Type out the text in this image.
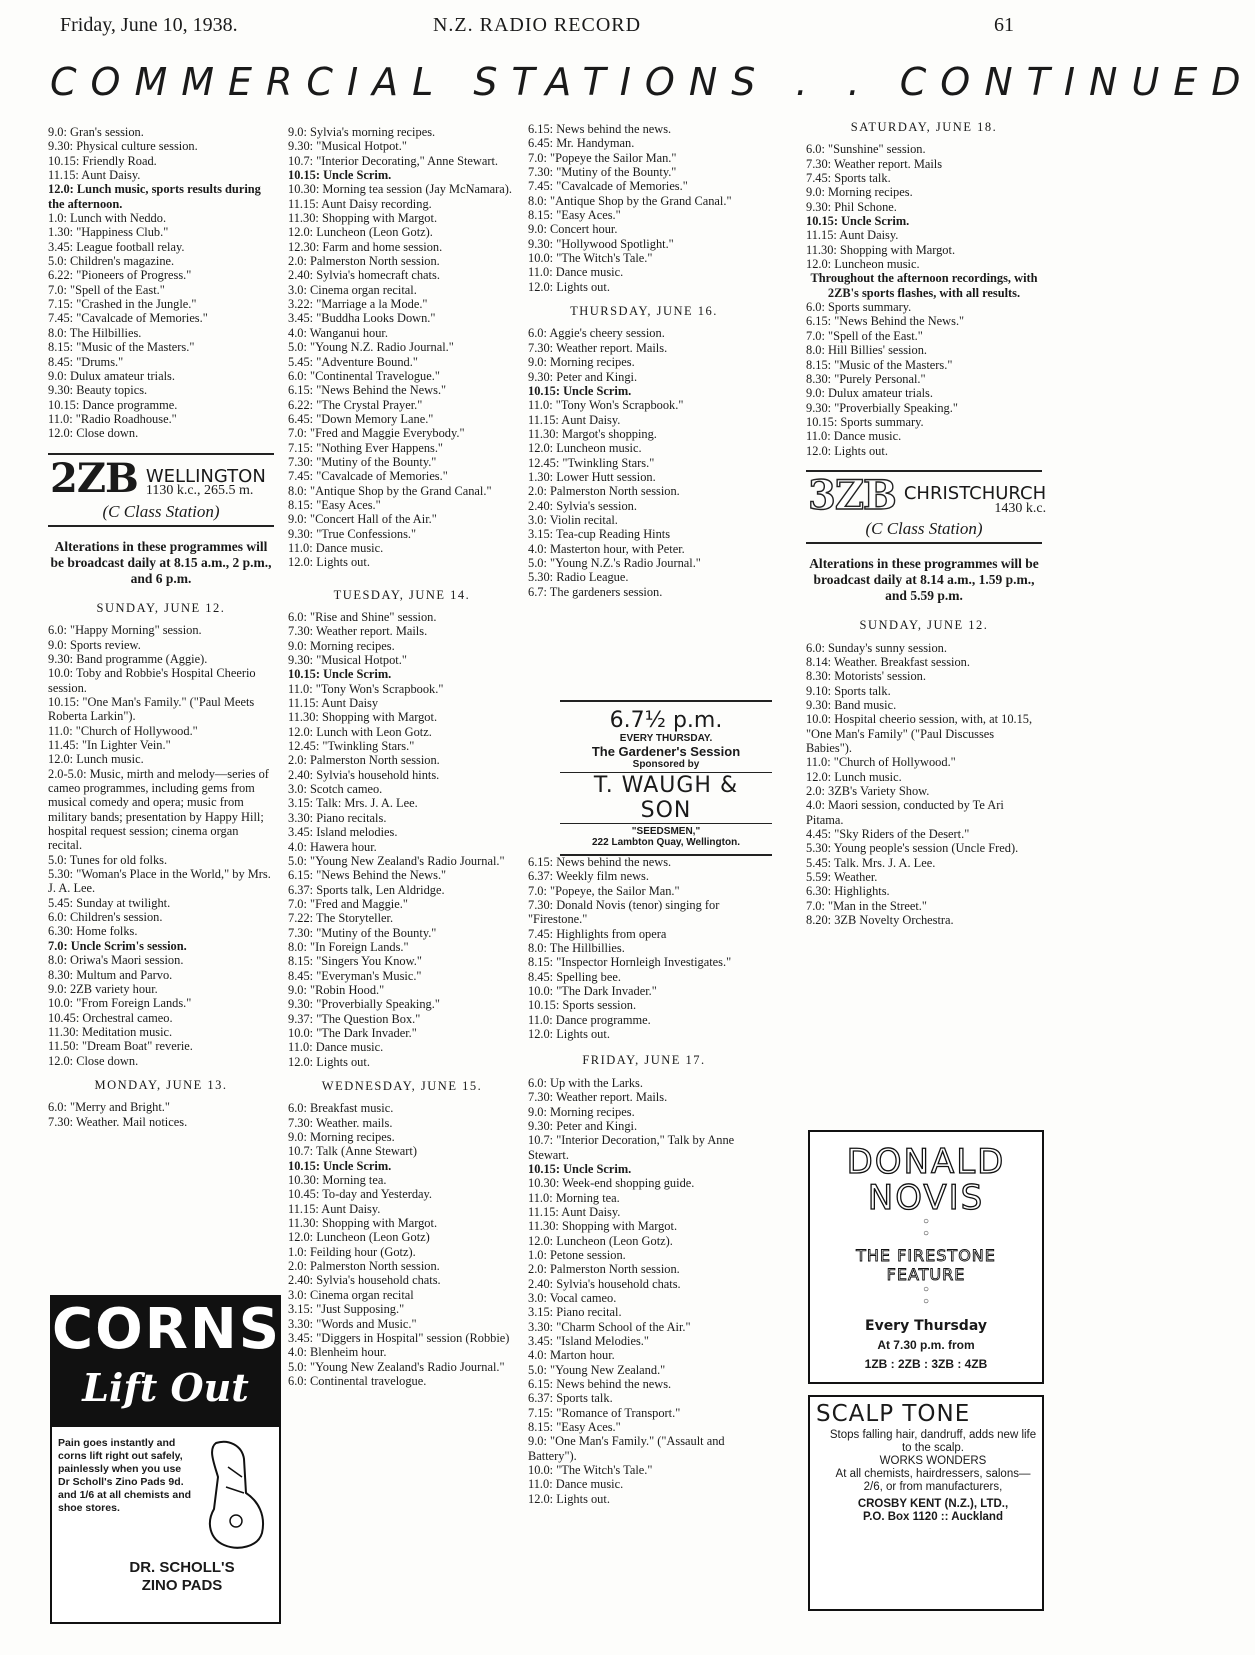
Friday, June 10, 1938.	N.Z. RADIO RECORD	61
COMMERCIAL STATIONS . . CONTINUED

9.0: Gran's session.

9.30: Physical culture session.

10.15: Friendly Road.

11.15: Aunt Daisy.

12.0: Lunch music, sports results during the afternoon.

1.0: Lunch with Neddo.

1.30: "Happiness Club."

3.45: League football relay.

5.0: Children's magazine.

6.22: "Pioneers of Progress."

7.0: "Spell of the East."

7.15: "Crashed in the Jungle."

7.45: "Cavalcade of Memories."

8.0: The Hilbillies.

8.15: "Music of the Masters."

8.45: "Drums."

9.0: Dulux amateur trials.

9.30: Beauty topics.

10.15: Dance programme.

11.0: "Radio Roadhouse."

12.0: Close down.

2ZB WELLINGTON
1130 k.c., 265.5 m.
(C Class Station)
Alterations in these programmes will be broadcast daily at 8.15 a.m., 2 p.m., and 6 p.m.
SUNDAY, JUNE 12.

6.0: "Happy Morning" session.

9.0: Sports review.

9.30: Band programme (Aggie).

10.0: Toby and Robbie's Hospital Cheerio session.

10.15: "One Man's Family." ("Paul Meets Roberta Larkin").

11.0: "Church of Hollywood."

11.45: "In Lighter Vein."

12.0: Lunch music.

2.0-5.0: Music, mirth and melody—series of cameo programmes, including gems from musical comedy and opera; music from military bands; presentation by Happy Hill; hospital request session; cinema organ recital.

5.0: Tunes for old folks.

5.30: "Woman's Place in the World," by Mrs. J. A. Lee.

5.45: Sunday at twilight.

6.0: Children's session.

6.30: Home folks.

7.0: Uncle Scrim's session.

8.0: Oriwa's Maori session.

8.30: Multum and Parvo.

9.0: 2ZB variety hour.

10.0: "From Foreign Lands."

10.45: Orchestral cameo.

11.30: Meditation music.

11.50: "Dream Boat" reverie.

12.0: Close down.

MONDAY, JUNE 13.

6.0: "Merry and Bright."

7.30: Weather. Mail notices.

9.0: Sylvia's morning recipes.

9.30: "Musical Hotpot."

10.7: "Interior Decorating," Anne Stewart.

10.15: Uncle Scrim.

10.30: Morning tea session (Jay McNamara).

11.15: Aunt Daisy recording.

11.30: Shopping with Margot.

12.0: Luncheon (Leon Gotz).

12.30: Farm and home session.

2.0: Palmerston North session.

2.40: Sylvia's homecraft chats.

3.0: Cinema organ recital.

3.22: "Marriage a la Mode."

3.45: "Buddha Looks Down."

4.0: Wanganui hour.

5.0: "Young N.Z. Radio Journal."

5.45: "Adventure Bound."

6.0: "Continental Travelogue."

6.15: "News Behind the News."

6.22: "The Crystal Prayer."

6.45: "Down Memory Lane."

7.0: "Fred and Maggie Everybody."

7.15: "Nothing Ever Happens."

7.30: "Mutiny of the Bounty."

7.45: "Cavalcade of Memories."

8.0: "Antique Shop by the Grand Canal."

8.15: "Easy Aces."

9.0: "Concert Hall of the Air."

9.30: "True Confessions."

11.0: Dance music.

12.0: Lights out.

TUESDAY, JUNE 14.

6.0: "Rise and Shine" session.

7.30: Weather report. Mails.

9.0: Morning recipes.

9.30: "Musical Hotpot."

10.15: Uncle Scrim.

11.0: "Tony Won's Scrapbook."

11.15: Aunt Daisy

11.30: Shopping with Margot.

12.0: Lunch with Leon Gotz.

12.45: "Twinkling Stars."

2.0: Palmerston North session.

2.40: Sylvia's household hints.

3.0: Scotch cameo.

3.15: Talk: Mrs. J. A. Lee.

3.30: Piano recitals.

3.45: Island melodies.

4.0: Hawera hour.

5.0: "Young New Zealand's Radio Journal."

6.15: "News Behind the News."

6.37: Sports talk, Len Aldridge.

7.0: "Fred and Maggie."

7.22: The Storyteller.

7.30: "Mutiny of the Bounty."

8.0: "In Foreign Lands."

8.15: "Singers You Know."

8.45: "Everyman's Music."

9.0: "Robin Hood."

9.30: "Proverbially Speaking."

9.37: "The Question Box."

10.0: "The Dark Invader."

11.0: Dance music.

12.0: Lights out.

WEDNESDAY, JUNE 15.

6.0: Breakfast music.

7.30: Weather. mails.

9.0: Morning recipes.

10.7: Talk (Anne Stewart)

10.15: Uncle Scrim.

10.30: Morning tea.

10.45: To-day and Yesterday.

11.15: Aunt Daisy.

11.30: Shopping with Margot.

12.0: Luncheon (Leon Gotz)

1.0: Feilding hour (Gotz).

2.0: Palmerston North session.

2.40: Sylvia's household chats.

3.0: Cinema organ recital

3.15: "Just Supposing."

3.30: "Words and Music."

3.45: "Diggers in Hospital" session (Robbie)

4.0: Blenheim hour.

5.0: "Young New Zealand's Radio Journal."

6.0: Continental travelogue.

6.15: News behind the news.

6.45: Mr. Handyman.

7.0: "Popeye the Sailor Man."

7.30: "Mutiny of the Bounty."

7.45: "Cavalcade of Memories."

8.0: "Antique Shop by the Grand Canal."

8.15: "Easy Aces."

9.0: Concert hour.

9.30: "Hollywood Spotlight."

10.0: "The Witch's Tale."

11.0: Dance music.

12.0: Lights out.

THURSDAY, JUNE 16.

6.0: Aggie's cheery session.

7.30: Weather report. Mails.

9.0: Morning recipes.

9.30: Peter and Kingi.

10.15: Uncle Scrim.

11.0: "Tony Won's Scrapbook."

11.15: Aunt Daisy.

11.30: Margot's shopping.

12.0: Luncheon music.

12.45: "Twinkling Stars."

1.30: Lower Hutt session.

2.0: Palmerston North session.

2.40: Sylvia's session.

3.0: Violin recital.

3.15: Tea-cup Reading Hints

4.0: Masterton hour, with Peter.

5.0: "Young N.Z.'s Radio Journal."

5.30: Radio League.

6.7: The gardeners session.

6.7½ p.m.
EVERY THURSDAY.
The Gardener's Session
Sponsored by
T. WAUGH & SON
"SEEDSMEN,"
222 Lambton Quay, Wellington.

6.15: News behind the news.

6.37: Weekly film news.

7.0: "Popeye, the Sailor Man."

7.30: Donald Novis (tenor) singing for "Firestone."

7.45: Highlights from opera

8.0: The Hillbillies.

8.15: "Inspector Hornleigh Investigates."

8.45: Spelling bee.

10.0: "The Dark Invader."

10.15: Sports session.

11.0: Dance programme.

12.0: Lights out.

FRIDAY, JUNE 17.

6.0: Up with the Larks.

7.30: Weather report. Mails.

9.0: Morning recipes.

9.30: Peter and Kingi.

10.7: "Interior Decoration," Talk by Anne Stewart.

10.15: Uncle Scrim.

10.30: Week-end shopping guide.

11.0: Morning tea.

11.15: Aunt Daisy.

11.30: Shopping with Margot.

12.0: Luncheon (Leon Gotz).

1.0: Petone session.

2.0: Palmerston North session.

2.40: Sylvia's household chats.

3.0: Vocal cameo.

3.15: Piano recital.

3.30: "Charm School of the Air."

3.45: "Island Melodies."

4.0: Marton hour.

5.0: "Young New Zealand."

6.15: News behind the news.

6.37: Sports talk.

7.15: "Romance of Transport."

8.15: "Easy Aces."

9.0: "One Man's Family." ("Assault and Battery").

10.0: "The Witch's Tale."

11.0: Dance music.

12.0: Lights out.

SATURDAY, JUNE 18.

6.0: "Sunshine" session.

7.30: Weather report. Mails

7.45: Sports talk.

9.0: Morning recipes.

9.30: Phil Schone.

10.15: Uncle Scrim.

11.15: Aunt Daisy.

11.30: Shopping with Margot.

12.0: Luncheon music.

Throughout the afternoon recordings, with 2ZB's sports flashes, with all results.

6.0: Sports summary.

6.15: "News Behind the News."

7.0: "Spell of the East."

8.0: Hill Billies' session.

8.15: "Music of the Masters."

8.30: "Purely Personal."

9.0: Dulux amateur trials.

9.30: "Proverbially Speaking."

10.15: Sports summary.

11.0: Dance music.

12.0: Lights out.

3ZB CHRISTCHURCH
1430 k.c.
(C Class Station)
Alterations in these programmes will be broadcast daily at 8.14 a.m., 1.59 p.m., and 5.59 p.m.
SUNDAY, JUNE 12.

6.0: Sunday's sunny session.

8.14: Weather. Breakfast session.

8.30: Motorists' session.

9.10: Sports talk.

9.30: Band music.

10.0: Hospital cheerio session, with, at 10.15, "One Man's Family" ("Paul Discusses Babies").

11.0: "Church of Hollywood."

12.0: Lunch music.

2.0: 3ZB's Variety Show.

4.0: Maori session, conducted by Te Ari Pitama.

4.45: "Sky Riders of the Desert."

5.30: Young people's session (Uncle Fred).

5.45: Talk. Mrs. J. A. Lee.

5.59: Weather.

6.30: Highlights.

7.0: "Man in the Street."

8.20: 3ZB Novelty Orchestra.

CORNS
Lift Out
Pain goes instantly and corns lift right out safely, painlessly when you use Dr Scholl's Zino Pads 9d. and 1/6 at all chemists and shoe stores.
DR. SCHOLL'S
ZINO PADS
DONALD
NOVIS
○
○
THE FIRESTONE
FEATURE
○
○
Every Thursday
At 7.30 p.m. from
1ZB : 2ZB : 3ZB : 4ZB
SCALP TONE
Stops falling hair, dandruff, adds new life to the scalp.
WORKS WONDERS
At all chemists, hairdressers, salons—2/6, or from manufacturers,
CROSBY KENT (N.Z.), LTD.,
P.O. Box 1120 :: Auckland
